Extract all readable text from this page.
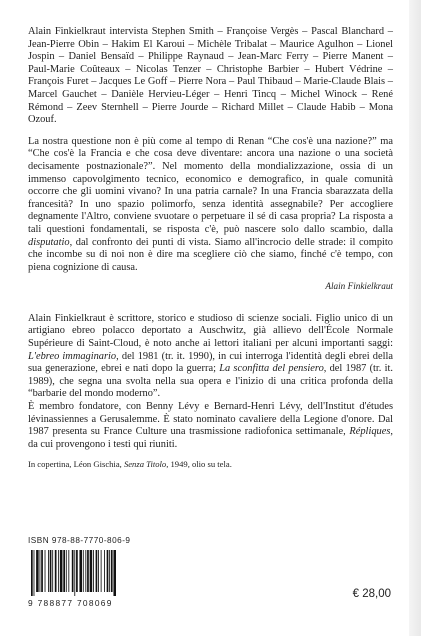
Alain Finkielkraut intervista Stephen Smith – Françoise Vergès – Pascal Blanchard – Jean-Pierre Obin – Hakim El Karoui – Michèle Tribalat – Maurice Agulhon – Lionel Jospin – Daniel Bensaïd – Philippe Raynaud – Jean-Marc Ferry – Pierre Manent – Paul-Marie Coûteaux – Nicolas Tenzer – Christophe Barbier – Hubert Védrine – François Furet – Jacques Le Goff – Pierre Nora – Paul Thibaud – Marie-Claude Blais – Marcel Gauchet – Danièle Hervieu-Léger – Henri Tincq – Michel Winock – René Rémond – Zeev Sternhell – Pierre Jourde – Richard Millet – Claude Habib – Mona Ozouf.

La nostra questione non è più come al tempo di Renan “Che cos'è una nazione?” ma “Che cos'è la Francia e che cosa deve diventare: ancora una nazione o una società decisamente postnazionale?”. Nel momento della mondializzazione, ossia di un immenso capovolgimento tecnico, economico e demografico, in quale comunità occorre che gli uomini vivano? In una patria carnale? In una Francia sbarazzata della francesità? In uno spazio polimorfo, senza identità assegnabile? Per accogliere degnamente l'Altro, conviene svuotare o perpetuare il sé di casa propria? La risposta a tali questioni fondamentali, se risposta c'è, può nascere solo dallo scambio, dalla disputatio, dal confronto dei punti di vista. Siamo all'incrocio delle strade: il compito che incombe su di noi non è dire ma scegliere ciò che siamo, finché c'è tempo, con piena cognizione di causa.

Alain Finkielkraut

Alain Finkielkraut è scrittore, storico e studioso di scienze sociali. Figlio unico di un artigiano ebreo polacco deportato a Auschwitz, già allievo dell'École Normale Supérieure di Saint-Cloud, è noto anche ai lettori italiani per alcuni importanti saggi: L'ebreo immaginario, del 1981 (tr. it. 1990), in cui interroga l'identità degli ebrei della sua generazione, ebrei e nati dopo la guerra; La sconfitta del pensiero, del 1987 (tr. it. 1989), che segna una svolta nella sua opera e l'inizio di una critica profonda della “barbarie del mondo moderno”.

È membro fondatore, con Benny Lévy e Bernard-Henri Lévy, dell'Institut d'études lévinassiennes a Gerusalemme. È stato nominato cavaliere della Legione d'onore. Dal 1987 presenta su France Culture una trasmissione radiofonica settimanale, Répliques, da cui provengono i testi qui riuniti.

In copertina, Léon Gischia, Senza Titolo, 1949, olio su tela.

ISBN 978-88-7770-806-9
9 788877 708069
€ 28,00
